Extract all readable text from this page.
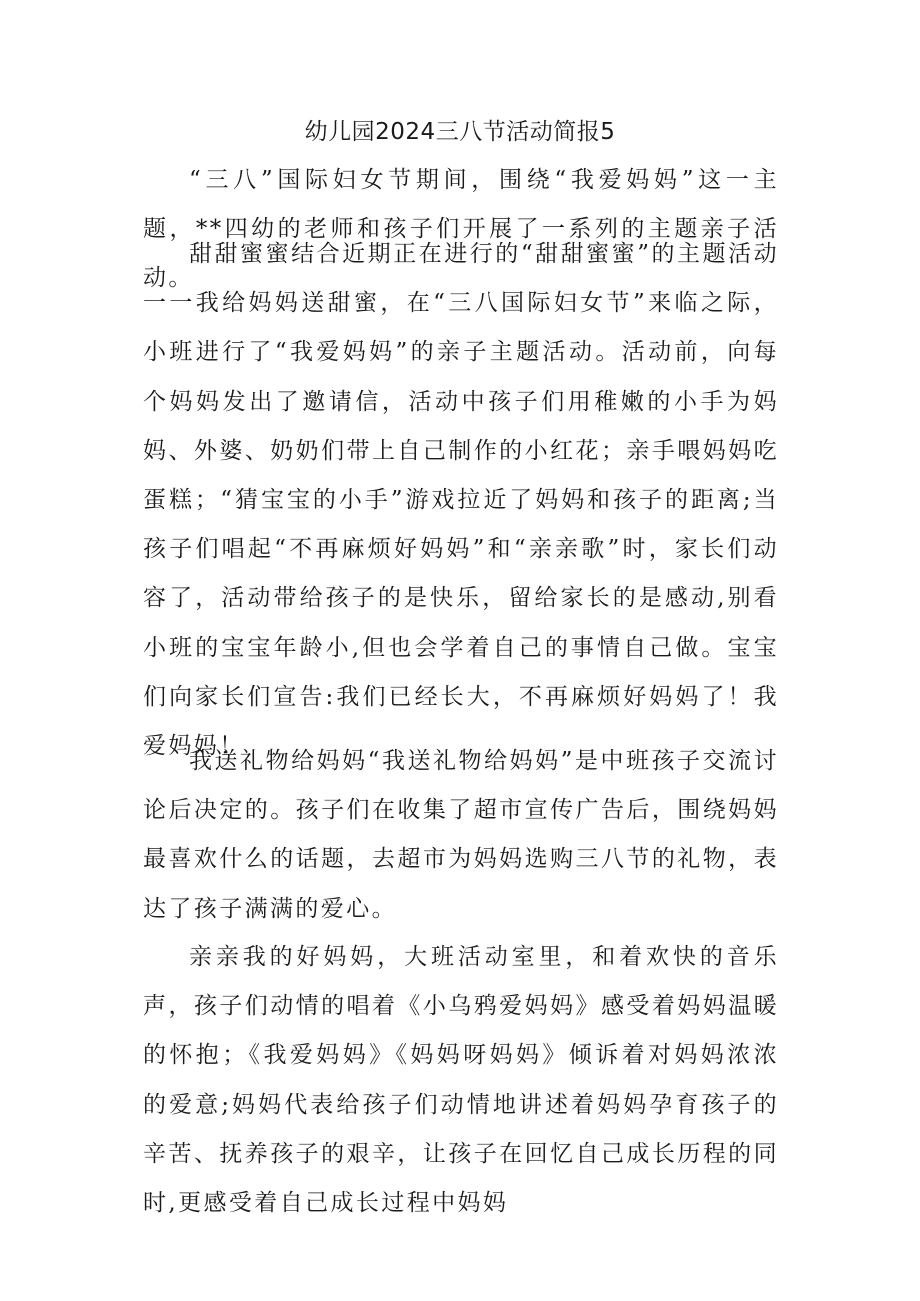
幼儿园2024三八节活动简报5

“三八”国际妇女节期间，围绕“我爱妈妈”这一主题，**四幼的老师和孩子们开展了一系列的主题亲子活动。

甜甜蜜蜜结合近期正在进行的“甜甜蜜蜜”的主题活动一一我给妈妈送甜蜜，在“三八国际妇女节”来临之际，小班进行了“我爱妈妈”的亲子主题活动。活动前，向每个妈妈发出了邀请信，活动中孩子们用稚嫩的小手为妈妈、外婆、奶奶们带上自己制作的小红花；亲手喂妈妈吃蛋糕；“猜宝宝的小手”游戏拉近了妈妈和孩子的距离;当孩子们唱起“不再麻烦好妈妈”和“亲亲歌”时，家长们动容了，活动带给孩子的是快乐，留给家长的是感动,别看小班的宝宝年龄小,但也会学着自己的事情自己做。宝宝们向家长们宣告:我们已经长大，不再麻烦好妈妈了！我爱妈妈！

我送礼物给妈妈“我送礼物给妈妈”是中班孩子交流讨论后决定的。孩子们在收集了超市宣传广告后，围绕妈妈最喜欢什么的话题，去超市为妈妈选购三八节的礼物，表达了孩子满满的爱心。

亲亲我的好妈妈，大班活动室里，和着欢快的音乐声，孩子们动情的唱着《小乌鸦爱妈妈》感受着妈妈温暖的怀抱；《我爱妈妈》《妈妈呀妈妈》倾诉着对妈妈浓浓的爱意;妈妈代表给孩子们动情地讲述着妈妈孕育孩子的辛苦、抚养孩子的艰辛，让孩子在回忆自己成长历程的同时,更感受着自己成长过程中妈妈
